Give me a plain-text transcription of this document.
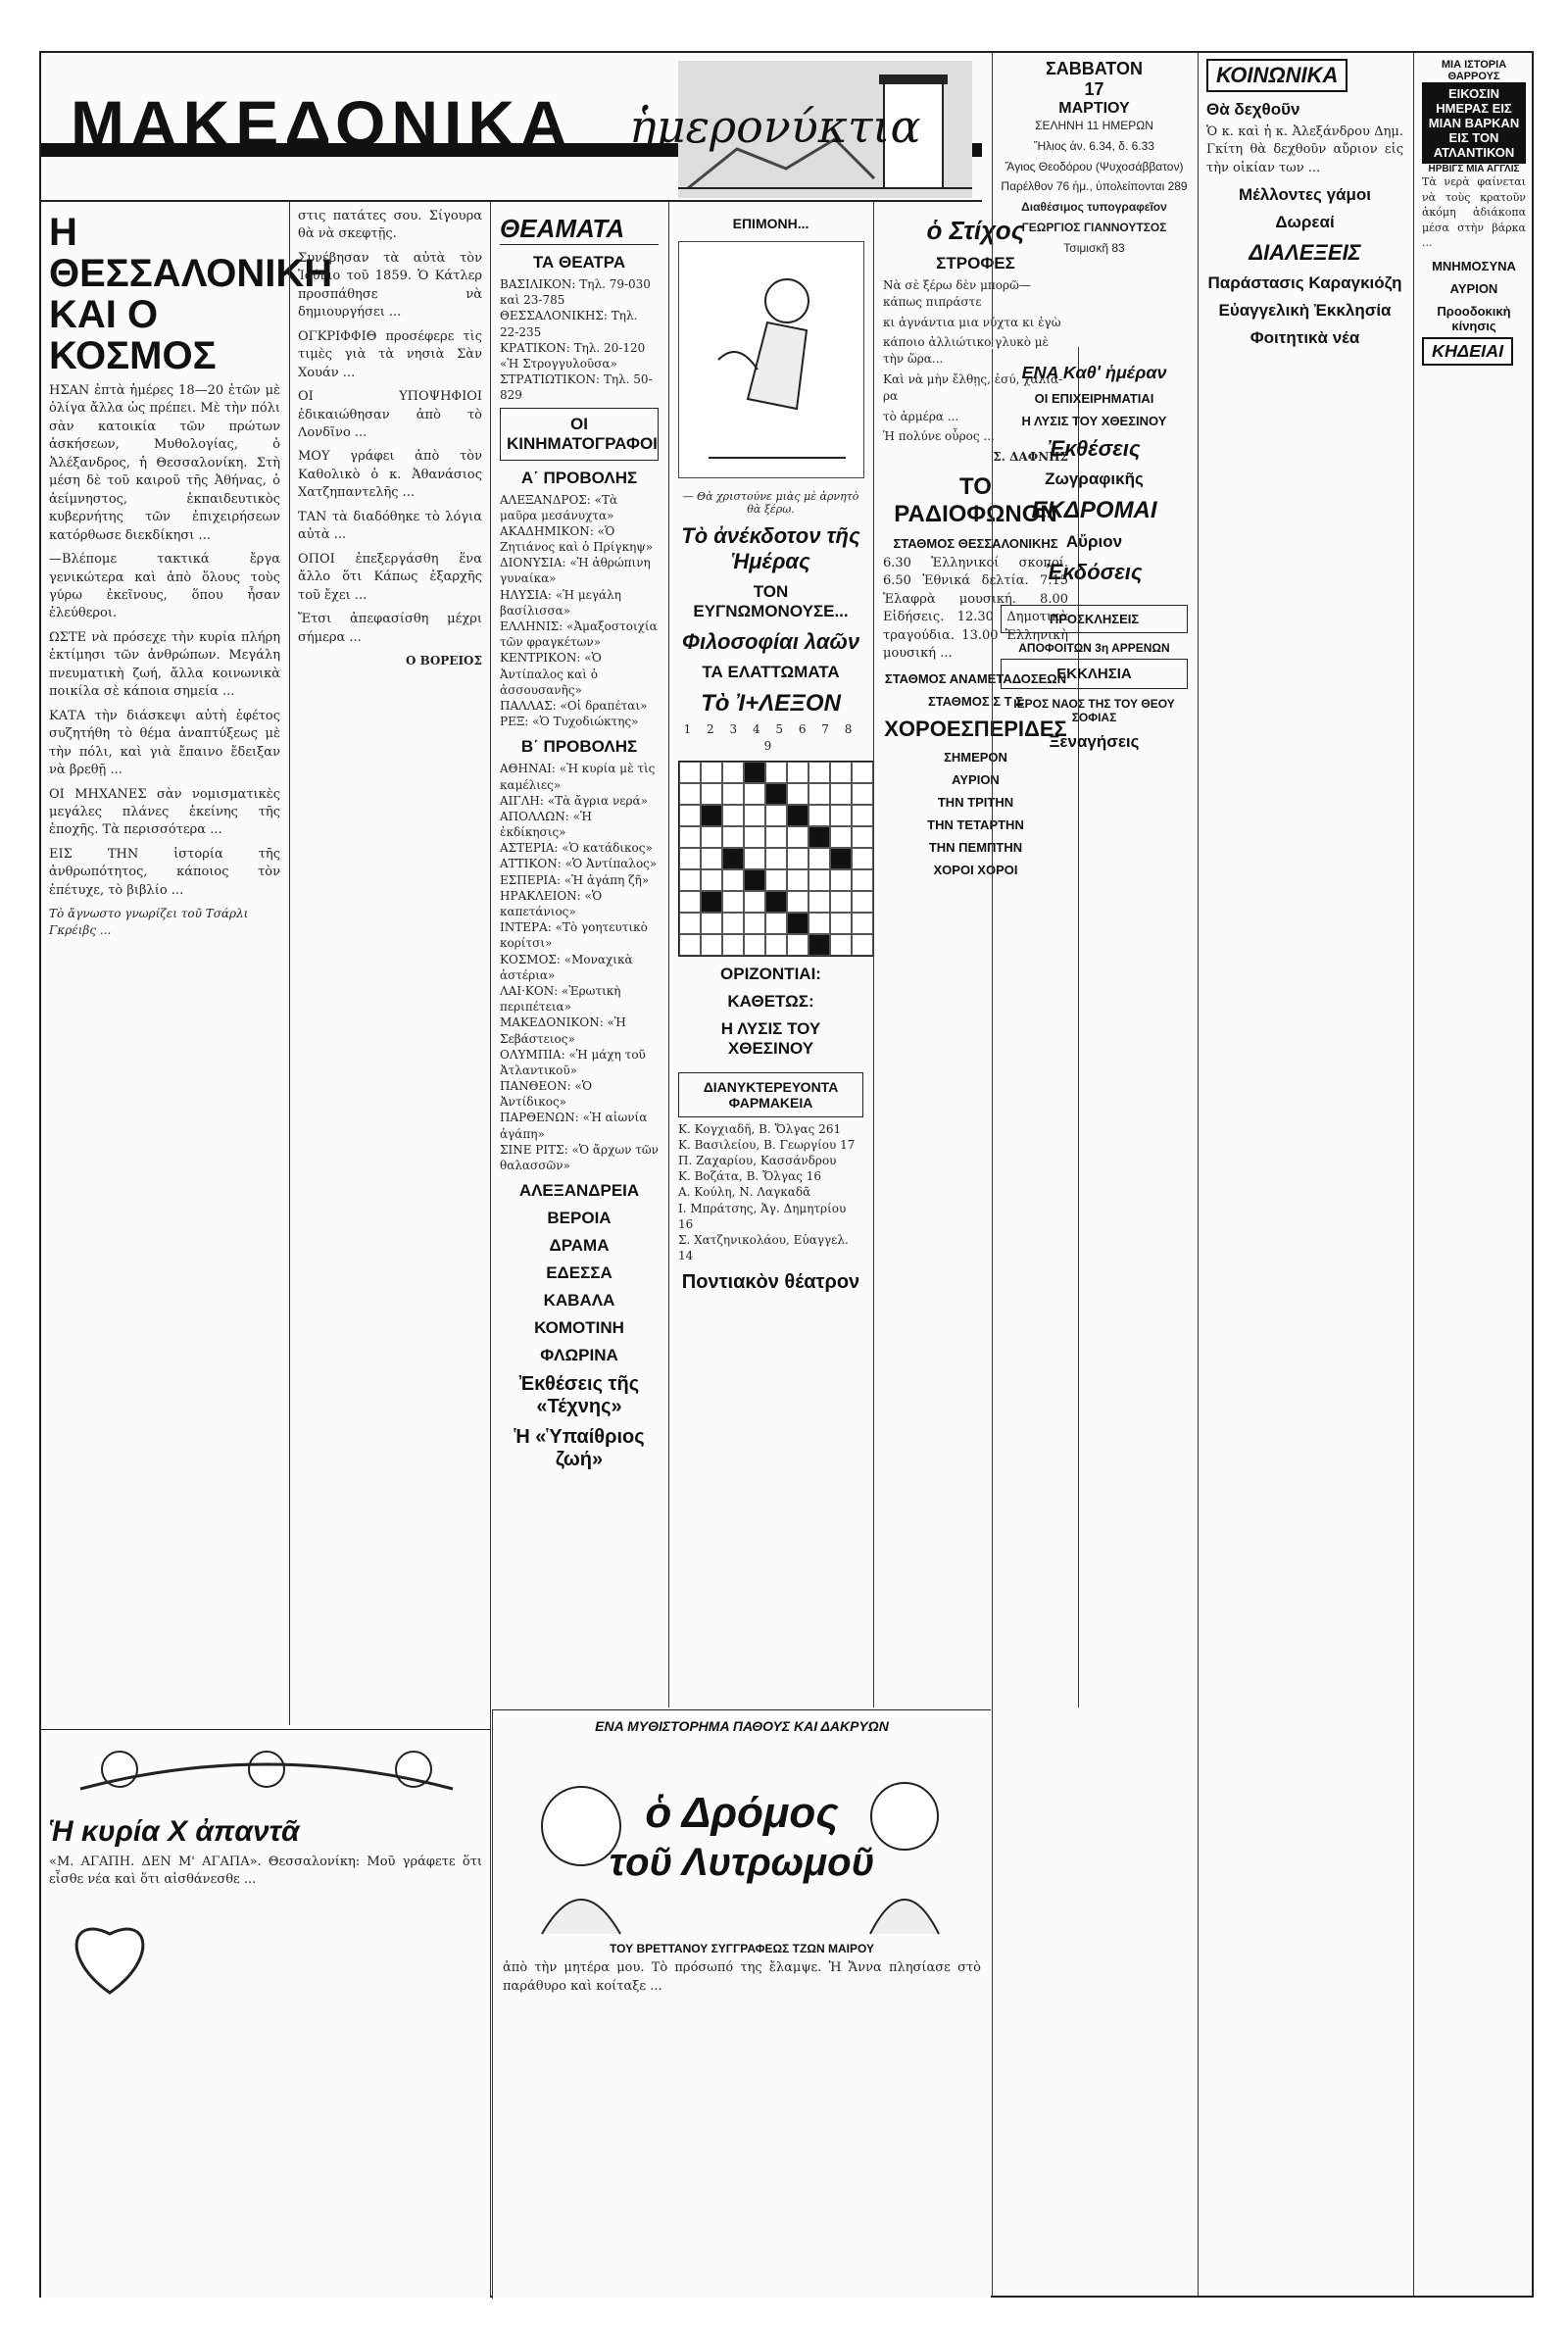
ΜΑΚΕΔΟΝΙΚΑ ἡμερονύκτια
Η ΘΕΣΣΑΛΟΝΙΚΗ ΚΑΙ Ο ΚΟΣΜΟΣ

ΗΣΑΝ ἐπτὰ ἡμέρες 18—20 ἐτῶν μὲ ὀλίγα ἄλλα ὡς πρέπει. Μὲ τὴν πόλι σὰν κατοικία τῶν πρώτων ἀσκήσεων, Μυθολογίας, ὁ Ἀλέξανδρος, ἡ Θεσσαλονίκη. Στὴ μέση δὲ τοῦ καιροῦ τῆς Ἀθήνας, ὁ ἀείμνηστος, ἐκπαιδευτικὸς κυβερνήτης τῶν ἐπιχειρήσεων κατόρθωσε διεκδίκησι ...

—Βλέπομε τακτικά ἔργα γενικώτερα καὶ ἀπὸ ὅλους τοὺς γύρω ἐκεῖνους, ὅπου ἦσαν ἐλεύθεροι.

ΩΣΤΕ νὰ πρόσεχε τὴν κυρία πλήρη ἐκτίμησι τῶν ἀνθρώπων. Μεγάλη πνευματικὴ ζωή, ἄλλα κοινωνικὰ ποικίλα σὲ κάποια σημεία ...

ΚΑΤΑ τὴν διάσκεψι αὐτὴ ἐφέτος συζητήθη τὸ θέμα ἀναπτύξεως μὲ τὴν πόλι, καὶ γιὰ ἔπαινο ἔδειξαν νὰ βρεθῇ ...

ΟΙ ΜΗΧΑΝΕΣ σὰν νομισματικὲς μεγάλες πλάνες ἐκείνης τῆς ἐποχῆς. Τὰ περισσότερα ...

ΕΙΣ ΤΗΝ ἱστορία τῆς ἀνθρωπότητος, κάποιος τὸν ἐπέτυχε, τὸ βιβλίο ...

Τὸ ἄγνωστο γνωρίζει τοῦ Τσάρλι Γκρέιβς ...

στις πατάτες σου. Σίγουρα θὰ νὰ σκεφτῇς.

Συνέβησαν τὰ αὐτὰ τὸν Ἰούνιο τοῦ 1859. Ὁ Κάτλερ προσπάθησε νὰ δημιουργήσει ...

ΟΓΚΡΙΦΦΙΘ προσέφερε τὶς τιμὲς γιὰ τὰ νησιὰ Σὰν Χουάν ...

ΟΙ ΥΠΟΨΗΦΙΟΙ ἐδικαιώθησαν ἀπὸ τὸ Λονδῖνο ...

ΜΟΥ γράφει ἀπὸ τὸν Καθολικὸ ὁ κ. Ἀθανάσιος Χατζηπαντελῆς ...

ΤΑΝ τὰ διαδόθηκε τὸ λόγια αὐτὰ ...

ΟΠΟΙ ἐπεξεργάσθη ἕνα ἄλλο ὅτι Κάπως ἐξαρχῆς τοῦ ἔχει ...

Ἔτσι ἀπεφασίσθη μέχρι σήμερα ...

Ο ΒΟΡΕΙΟΣ

Ἡ κυρία Χ ἀπαντᾶ

«Μ. ΑΓΑΠΗ. ΔΕΝ Μ' ΑΓΑΠΑ». Θεσσαλονίκη: Μοῦ γράφετε ὅτι εἶσθε νέα καὶ ὅτι αἰσθάνεσθε ...

ΘΕΑΜΑΤΑ
ΤΑ ΘΕΑΤΡΑ

ΒΑΣΙΛΙΚΟΝ: Τηλ. 79-030 καὶ 23-785

ΘΕΣΣΑΛΟΝΙΚΗΣ: Τηλ. 22-235

ΚΡΑΤΙΚΟΝ: Τηλ. 20-120 «Ἡ Στρογγυλοῦσα»

ΣΤΡΑΤΙΩΤΙΚΟΝ: Τηλ. 50-829

ΟΙ ΚΙΝΗΜΑΤΟΓΡΑΦΟΙ
Α΄ ΠΡΟΒΟΛΗΣ

ΑΛΕΞΑΝΔΡΟΣ: «Τὰ μαῦρα μεσάνυχτα»

ΑΚΑΔΗΜΙΚΟΝ: «Ὁ Ζητιάνος καὶ ὁ Πρίγκηψ»

ΔΙΟΝΥΣΙΑ: «Ἡ ἀθρώπινη γυναίκα»

ΗΛΥΣΙΑ: «Ἡ μεγάλη βασίλισσα»

ΕΛΛΗΝΙΣ: «Ἀμαξοστοιχία τῶν φραγκέτων»

ΚΕΝΤΡΙΚΟΝ: «Ὁ Ἀντίπαλος καὶ ὁ ἀσσουσανῆς»

ΠΑΛΛΑΣ: «Οἱ δραπέται»

ΡΕΞ: «Ὁ Τυχοδιώκτης»

Β΄ ΠΡΟΒΟΛΗΣ

ΑΘΗΝΑΙ: «Ἡ κυρία μὲ τὶς καμέλιες»

ΑΙΓΛΗ: «Τὰ ἄγρια νερά»

ΑΠΟΛΛΩΝ: «Ἡ ἐκδίκησις»

ΑΣΤΕΡΙΑ: «Ὁ κατάδικος»

ΑΤΤΙΚΟΝ: «Ὁ Ἀντίπαλος»

ΕΣΠΕΡΙΑ: «Ἡ ἀγάπη ζῆ»

ΗΡΑΚΛΕΙΟΝ: «Ὁ καπετάνιος»

ΙΝΤΕΡΑ: «Τὸ γοητευτικὸ κορίτσι»

ΚΟΣΜΟΣ: «Μοναχικὰ ἀστέρια»

ΛΑΙ·ΚΟΝ: «Ἐρωτικὴ περιπέτεια»

ΜΑΚΕΔΟΝΙΚΟΝ: «Ἡ Σεβάστειος»

ΟΛΥΜΠΙΑ: «Ἡ μάχη τοῦ Ἀτλαντικοῦ»

ΠΑΝΘΕΟΝ: «Ὁ Ἀντίδικος»

ΠΑΡΘΕΝΩΝ: «Ἡ αἰωνία ἀγάπη»

ΣΙΝΕ ΡΙΤΣ: «Ὁ ἄρχων τῶν θαλασσῶν»

ΑΛΕΞΑΝΔΡΕΙΑ
ΒΕΡΟΙΑ
ΔΡΑΜΑ
ΕΔΕΣΣΑ
ΚΑΒΑΛΑ
ΚΟΜΟΤΙΝΗ
ΦΛΩΡΙΝΑ
Ἐκθέσεις τῆς «Τέχνης»
Ἡ «Ὑπαίθριος ζωή»
ΕΠΙΜΟΝΗ...

— Θὰ χριστούνε μιὰς μὲ ἀρνητὸ θὰ ξέρω.

Τὸ ἀνέκδοτον τῆς Ἡμέρας
ΤΟΝ ΕΥΓΝΩΜΟΝΟΥΣΕ...
Φιλοσοφίαι λαῶν
ΤΑ ΕΛΑΤΤΩΜΑΤΑ
Τὸ Ἰ+ΛΕΞΟΝ

1 2 3 4 5 6 7 8 9

ΟΡΙΖΟΝΤΙΑΙ:
ΚΑΘΕΤΩΣ:
Η ΛΥΣΙΣ ΤΟΥ ΧΘΕΣΙΝΟΥ
ΔΙΑΝΥΚΤΕΡΕΥΟΝΤΑ ΦΑΡΜΑΚΕΙΑ

Κ. Κογχιαδῆ, Β. Ὄλγας 261

Κ. Βασιλείου, Β. Γεωργίου 17

Π. Ζαχαρίου, Κασσάνδρου

Κ. Βοζάτα, Β. Ὄλγας 16

Α. Κούλη, Ν. Λαγκαδᾶ

Ι. Μπράτσης, Ἁγ. Δημητρίου 16

Σ. Χατζηνικολάου, Εὐαγγελ. 14

Ποντιακὸν θέατρον
ὁ Στίχος
ΣΤΡΟΦΕΣ

Νὰ σὲ ξέρω δὲν μπορῶ—κάπως πιπράστε

κι ἀγνάντια μια νύχτα κι ἐγὼ

κάποιο ἀλλιώτικο γλυκὸ μὲ τὴν ὥρα...

Καὶ νὰ μὴν ἔλθῃς, ἐσύ, χαλιά-ρα

τὸ ἀρμέρα ...

Ἡ πολύνε οὗρος ...

Σ. ΔΑΦΝΗΣ

ΤΟ ΡΑΔΙΟΦΩΝΟΝ
ΣΤΑΘΜΟΣ ΘΕΣΣΑΛΟΝΙΚΗΣ

6.30 Ἑλληνικοί σκοποί. 6.50 Ἐθνικά δελτία. 7.15 Ἐλαφρὰ μουσική. 8.00 Εἰδήσεις. 12.30 Δημοτικὰ τραγούδια. 13.00 Ἑλληνικὴ μουσική ...

ΣΤΑΘΜΟΣ ΑΝΑΜΕΤΑΔΟΣΕΩΝ
ΣΤΑΘΜΟΣ Σ Τ Σ
ΧΟΡΟΕΣΠΕΡΙΔΕΣ
ΣΗΜΕΡΟΝ
ΑΥΡΙΟΝ
ΤΗΝ ΤΡΙΤΗΝ
ΤΗΝ ΤΕΤΑΡΤΗΝ
ΤΗΝ ΠΕΜΠΤΗΝ
ΧΟΡΟΙ ΧΟΡΟΙ
ΣΑΒΒΑΤΟΝ
17
ΜΑΡΤΙΟΥ

ΣΕΛΗΝΗ 11 ΗΜΕΡΩΝ

Ἥλιος ἀν. 6.34, δ. 6.33

Ἅγιος Θεοδόρου (Ψυχοσάββατον)

Παρέλθον 76 ἡμ., ὑπολείπονται 289

Διαθέσιμος τυπογραφεῖον

ΓΕΩΡΓΙΟΣ ΓΙΑΝΝΟΥΤΣΟΣ

Τσιμισκῆ 83

ΚΟΙΝΩΝΙΚΑ
Θὰ δεχθοῦν

Ὁ κ. καὶ ἡ κ. Ἀλεξάνδρου Δημ. Γκίτη θὰ δεχθοῦν αὔριον εἰς τὴν οἰκίαν των ...

Μέλλοντες γάμοι
Δωρεαί
ΔΙΑΛΕΞΕΙΣ
Παράστασις Καραγκιόζη
Εὐαγγελικὴ Ἐκκλησία
Φοιτητικὰ νέα
ΕΝΑ Καθ' ἡμέραν
ΟΙ ΕΠΙΧΕΙΡΗΜΑΤΙΑΙ
Η ΛΥΣΙΣ ΤΟΥ ΧΘΕΣΙΝΟΥ
Ἐκθέσεις
Ζωγραφικῆς
ΕΚΔΡΟΜΑΙ
Αὔριον
Ἐκδόσεις
ΠΡΟΣΚΛΗΣΕΙΣ
ΑΠΟΦΟΙΤΩΝ 3η ΑΡΡΕΝΩΝ
ΕΚΚΛΗΣΙΑ
ΙΕΡΟΣ ΝΑΟΣ ΤΗΣ ΤΟΥ ΘΕΟΥ ΣΟΦΙΑΣ
Ξεναγήσεις
ΜΙΑ ΙΣΤΟΡΙΑ ΘΑΡΡΟΥΣ
ΕΙΚΟΣΙΝ ΗΜΕΡΑΣ ΕΙΣ ΜΙΑΝ ΒΑΡΚΑΝ ΕΙΣ ΤΟΝ ΑΤΛΑΝΤΙΚΟΝ
ΗΡΒΙΓΣ ΜΙΑ ΑΓΓΛΙΣ

Τὰ νερὰ φαίνεται νὰ τοὺς κρατοῦν ἀκόμη ἀδιάκοπα μέσα στὴν βάρκα ...

ΜΝΗΜΟΣΥΝΑ
ΑΥΡΙΟΝ
Προοδοκικὴ κίνησις
ΚΗΔΕΙΑΙ
ΕΝΑ ΜΥΘΙΣΤΟΡΗΜΑ ΠΑΘΟΥΣ ΚΑΙ ΔΑΚΡΥΩΝ
ὁ Δρόμος
τοῦ Λυτρωμοῦ
ΤΟΥ ΒΡΕΤΤΑΝΟΥ ΣΥΓΓΡΑΦΕΩΣ ΤΖΩΝ ΜΑΙΡΟΥ

ἀπὸ τὴν μητέρα μου. Τὸ πρόσωπό της ἔλαμψε. Ἡ Ἄννα πλησίασε στὸ παράθυρο καὶ κοίταξε ...
